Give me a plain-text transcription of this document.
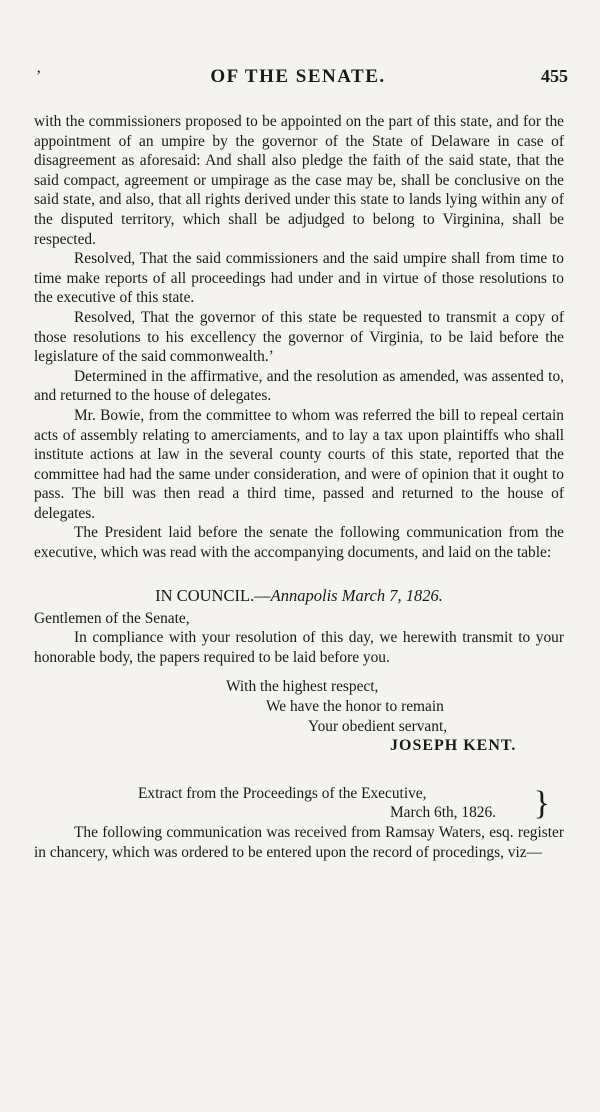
ʼ	OF THE SENATE.	455

with the commissioners proposed to be appointed on the part of this state, and for the appointment of an umpire by the governor of the State of Delaware in case of disagreement as aforesaid: And shall also pledge the faith of the said state, that the said compact, agreement or umpirage as the case may be, shall be conclusive on the said state, and also, that all rights derived under this state to lands lying within any of the disputed territory, which shall be adjudged to belong to Virginina, shall be respected.

Resolved, That the said commissioners and the said umpire shall from time to time make reports of all proceedings had under and in virtue of those resolutions to the executive of this state.

Resolved, That the governor of this state be requested to transmit a copy of those resolutions to his excellency the governor of Virginia, to be laid before the legislature of the said commonwealth.’

Determined in the affirmative, and the resolution as amended, was assented to, and returned to the house of delegates.

Mr. Bowie, from the committee to whom was referred the bill to repeal certain acts of assembly relating to amerciaments, and to lay a tax upon plaintiffs who shall institute actions at law in the several county courts of this state, reported that the committee had had the same under consideration, and were of opinion that it ought to pass. The bill was then read a third time, passed and returned to the house of delegates.

The President laid before the senate the following communication from the executive, which was read with the accompanying documents, and laid on the table:

IN COUNCIL.—Annapolis March 7, 1826.

Gentlemen of the Senate,

In compliance with your resolution of this day, we herewith transmit to your honorable body, the papers required to be laid before you.

With the highest respect,

We have the honor to remain

Your obedient servant,

JOSEPH KENT.

Extract from the Proceedings of the Executive,
March 6th, 1826.	}

The following communication was received from Ramsay Waters, esq. register in chancery, which was ordered to be entered upon the record of procedings, viz—
